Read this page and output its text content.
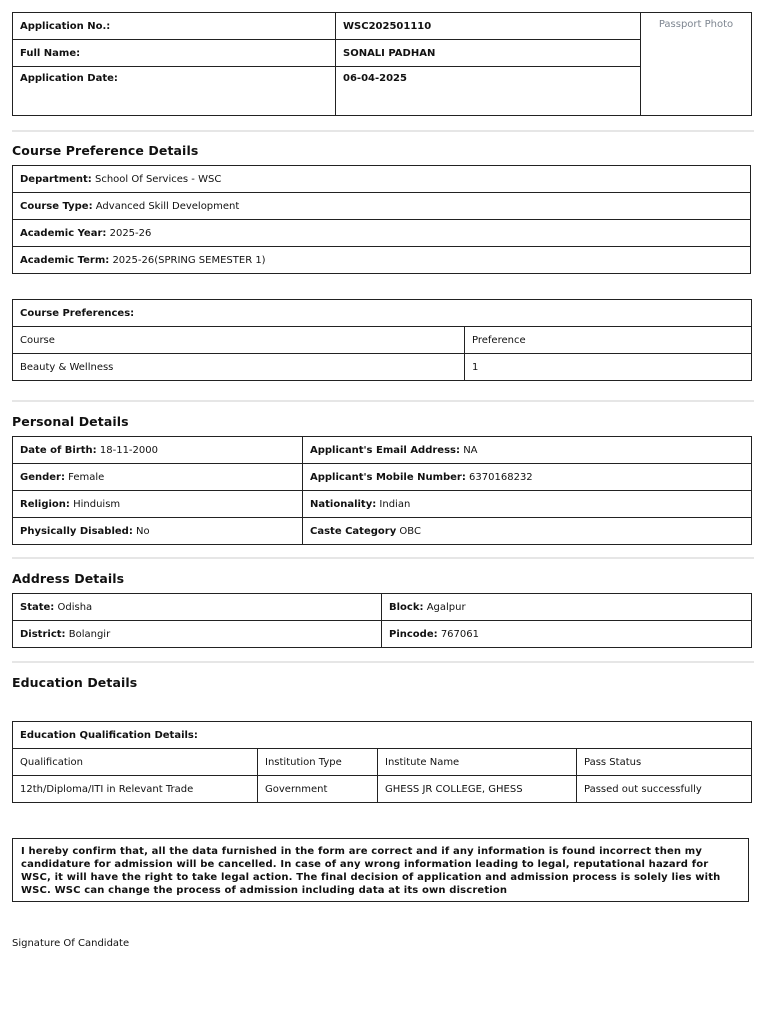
Application No.:	WSC202501110	Passport Photo
Full Name:	SONALI PADHAN	
Application Date:	06-04-2025	
Course Preference Details
Department: School Of Services - WSC
Course Type: Advanced Skill Development
Academic Year: 2025-26
Academic Term: 2025-26(SPRING SEMESTER 1)
Course Preferences:	
Course	Preference
Beauty & Wellness	1
Personal Details
Date of Birth: 18-11-2000	Applicant's Email Address: NA
Gender: Female	Applicant's Mobile Number: 6370168232
Religion: Hinduism	Nationality: Indian
Physically Disabled: No	Caste Category OBC
Address Details
State: Odisha	Block: Agalpur
District: Bolangir	Pincode: 767061
Education Details
Education Qualification Details:			
Qualification	Institution Type	Institute Name	Pass Status
12th/Diploma/ITI in Relevant Trade	Government	GHESS JR COLLEGE, GHESS	Passed out successfully
I hereby confirm that, all the data furnished in the form are correct and if any information is found incorrect then my candidature for admission will be cancelled. In case of any wrong information leading to legal, reputational hazard for WSC, it will have the right to take legal action. The final decision of application and admission process is solely lies with WSC. WSC can change the process of admission including data at its own discretion
Signature Of Candidate
